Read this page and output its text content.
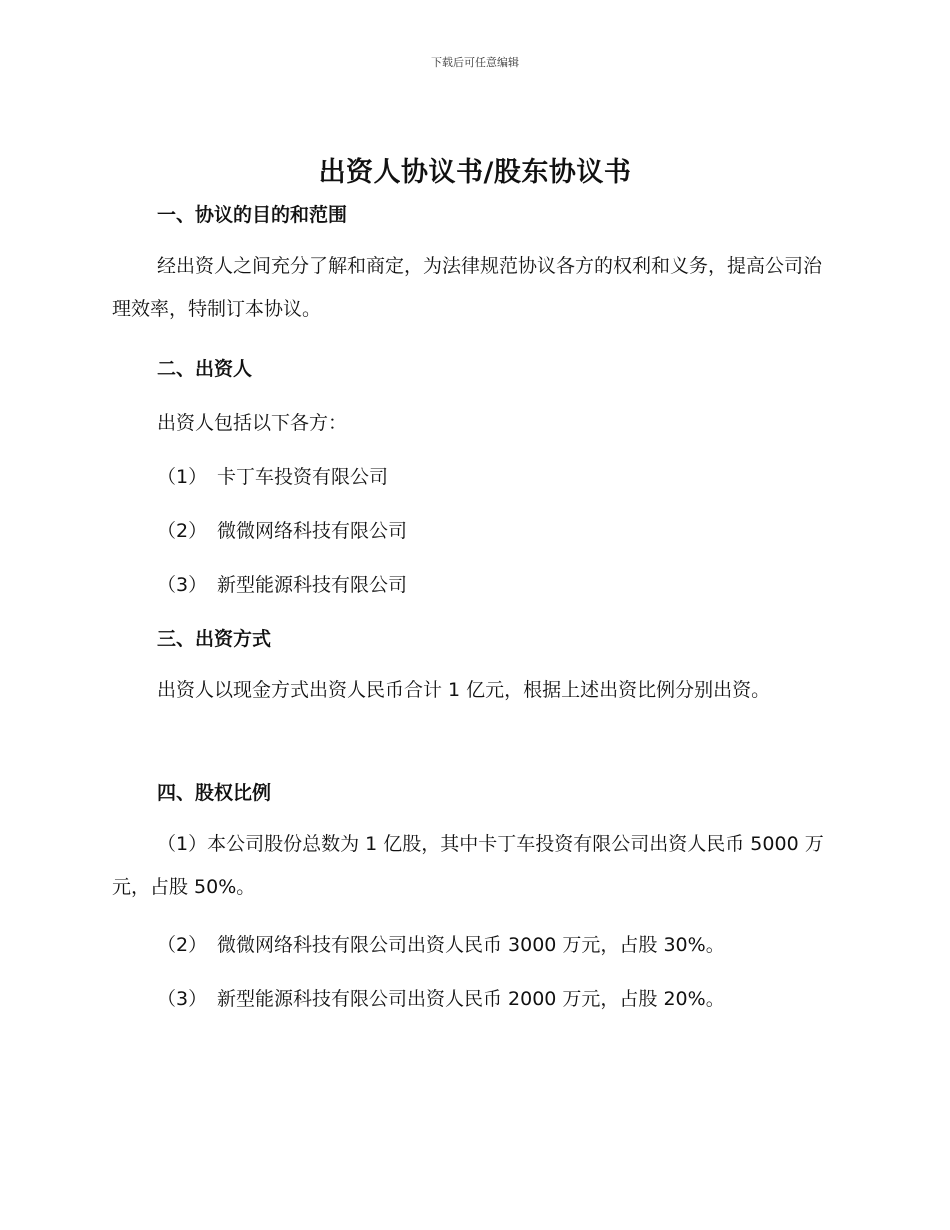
下载后可任意编辑
出资人协议书/股东协议书
一、协议的目的和范围
经出资人之间充分了解和商定，为法律规范协议各方的权利和义务，提高公司治理效率，特制订本协议。
二、出资人
出资人包括以下各方：
（1） 卡丁车投资有限公司
（2） 微微网络科技有限公司
（3） 新型能源科技有限公司
三、出资方式
出资人以现金方式出资人民币合计 1 亿元，根据上述出资比例分别出资。
四、股权比例
（1）本公司股份总数为 1 亿股，其中卡丁车投资有限公司出资人民币 5000 万元，占股 50%。
（2） 微微网络科技有限公司出资人民币 3000 万元，占股 30%。
（3） 新型能源科技有限公司出资人民币 2000 万元，占股 20%。
